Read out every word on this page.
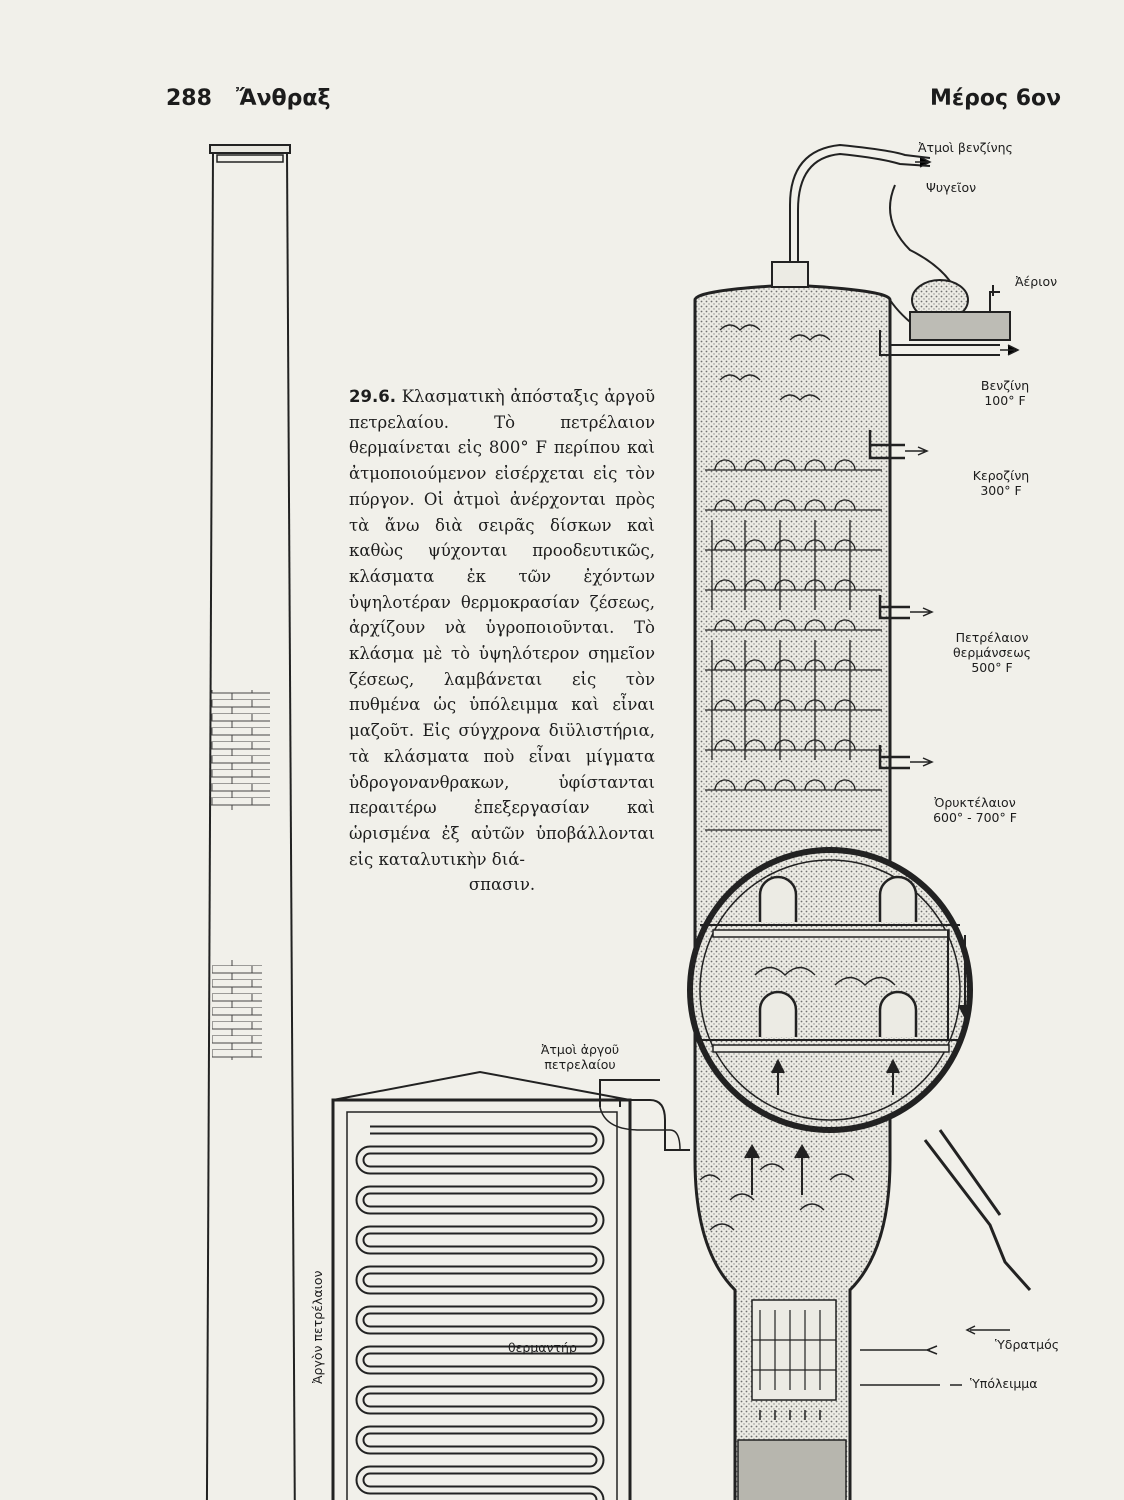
288 Ἄνθραξ	Μέρος 6ον
29.6. Κλασματικὴ ἀπόσταξις ἀργοῦ πετρελαίου. Τὸ πετρέλαιον θερμαίνεται εἰς 800° F περίπου καὶ ἀτμοποιούμενον εἰσέρχεται εἰς τὸν πύργον. Οἱ ἀτμοὶ ἀνέρχονται πρὸς τὰ ἄνω διὰ σειρᾶς δίσκων καὶ καθὼς ψύχονται προοδευτικῶς, κλάσματα ἐκ τῶν ἐχόντων ὑψηλοτέραν θερμοκρασίαν ζέσεως, ἀρχίζουν νὰ ὑγροποιοῦνται. Τὸ κλάσμα μὲ τὸ ὑψηλότερον σημεῖον ζέσεως, λαμβάνεται εἰς τὸν πυθμένα ὡς ὑπόλειμμα καὶ εἶναι μαζοῦτ. Εἰς σύγχρονα διϋλιστήρια, τὰ κλάσματα ποὺ εἶναι μίγματα ὑδρογονανθρακων, ὑφίστανται περαιτέρω ἐπεξεργασίαν καὶ ὡρισμένα ἐξ αὐτῶν ὑποβάλλονται εἰς καταλυτικὴν διά-
σπασιν.
Ἀτμοὶ βενζίνης
Ψυγεῖον
Ἀέριον
Βενζίνη
100° F
Κεροζίνη
300° F
Πετρέλαιον
θερμάνσεως
500° F
Ὀρυκτέλαιον
600° - 700° F
Ἀτμοὶ ἀργοῦ
πετρελαίου
θερμαντήρ	Ὑδρατμός
Ὑπόλειμμα
Ἀργὸν πετρέλαιον
